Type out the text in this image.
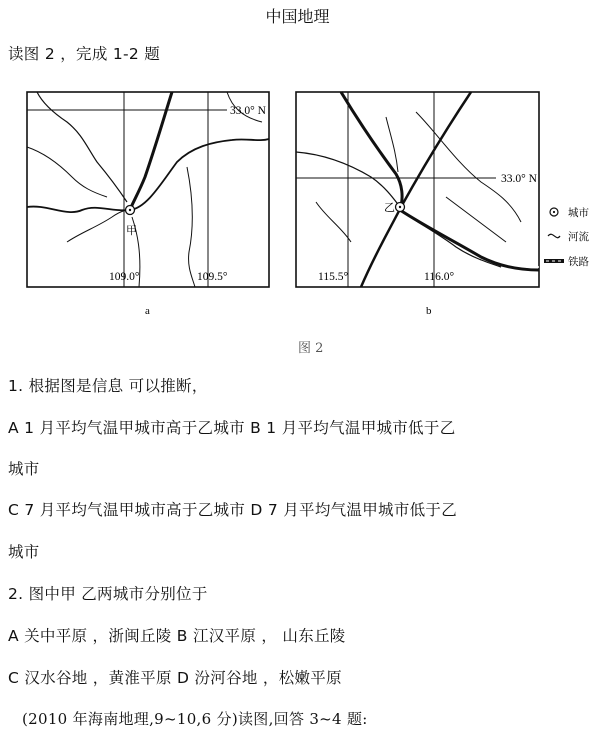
中国地理
读图 2 ，完成 1-2 题
33.0° N
109.0°	109.5°
甲
a
33.0° N
115.5°	116.0°
乙
b
城市
河流
铁路
图 2
1. 根据图是信息 可以推断，
A 1 月平均气温甲城市高于乙城市 B 1 月平均气温甲城市低于乙
城市
C 7 月平均气温甲城市高于乙城市 D 7 月平均气温甲城市低于乙
城市
2. 图中甲 乙两城市分别位于
A 关中平原 ，浙闽丘陵 B 江汉平原 ， 山东丘陵
C 汉水谷地 ，黄淮平原 D 汾河谷地 ，松嫩平原
(2010 年海南地理,9~10,6 分)读图,回答 3~4 题:
